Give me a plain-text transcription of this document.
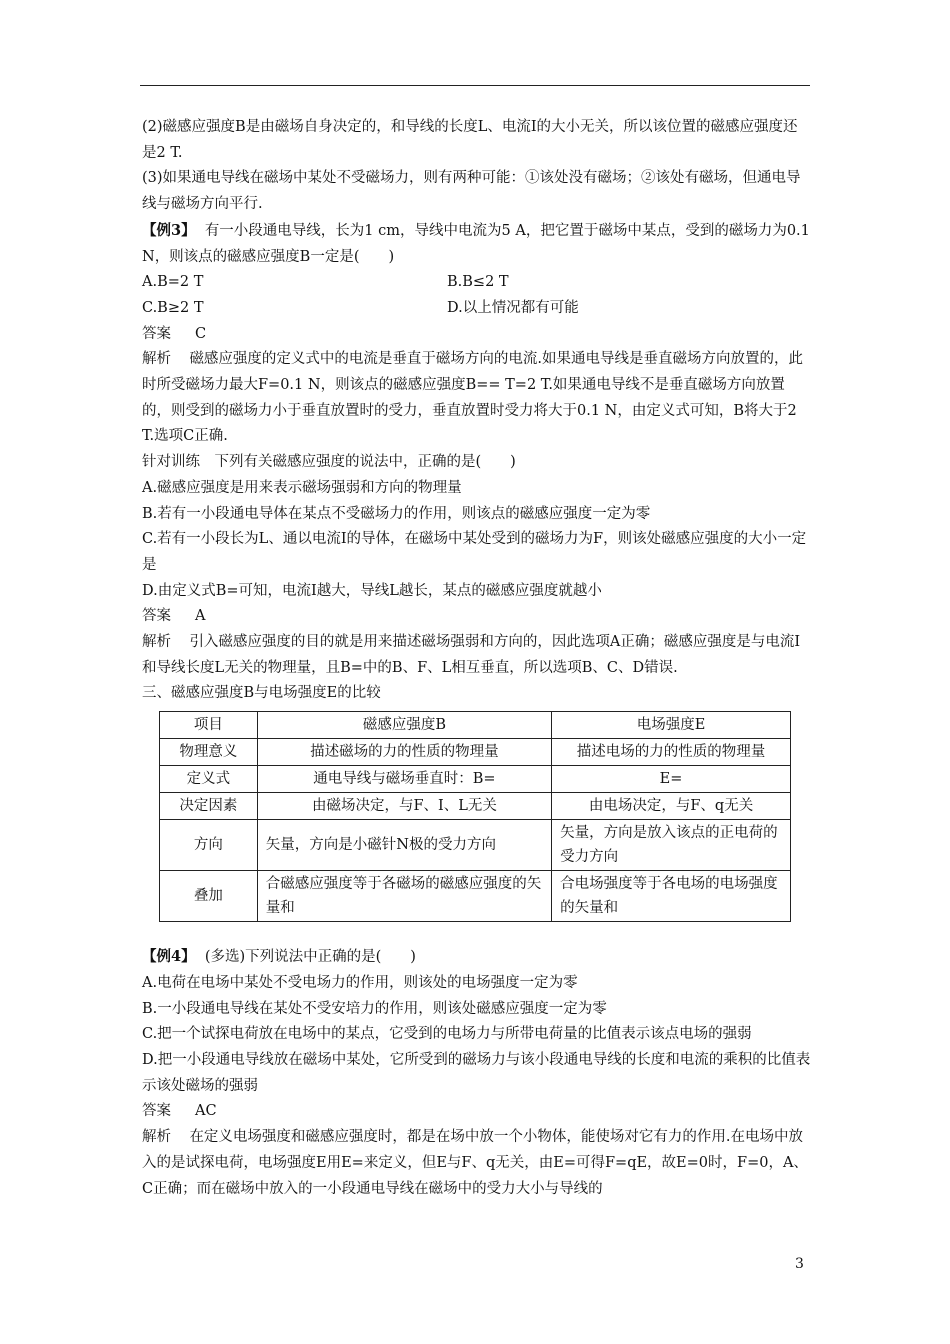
(2)磁感应强度B是由磁场自身决定的，和导线的长度L、电流I的大小无关，所以该位置的磁感应强度还是2 T.

(3)如果通电导线在磁场中某处不受磁场力，则有两种可能：①该处没有磁场；②该处有磁场，但通电导线与磁场方向平行.

【例3】 有一小段通电导线，长为1 cm，导线中电流为5 A，把它置于磁场中某点，受到的磁场力为0.1 N，则该点的磁感应强度B一定是(　　)

A.B=2 T	B.B≤2 T
C.B≥2 T	D.以上情况都有可能

答案 C

解析 磁感应强度的定义式中的电流是垂直于磁场方向的电流.如果通电导线是垂直磁场方向放置的，此时所受磁场力最大F=0.1 N，则该点的磁感应强度B== T=2 T.如果通电导线不是垂直磁场方向放置的，则受到的磁场力小于垂直放置时的受力，垂直放置时受力将大于0.1 N，由定义式可知，B将大于2 T.选项C正确.

针对训练　下列有关磁感应强度的说法中，正确的是(　　)

A.磁感应强度是用来表示磁场强弱和方向的物理量

B.若有一小段通电导体在某点不受磁场力的作用，则该点的磁感应强度一定为零

C.若有一小段长为L、通以电流I的导体，在磁场中某处受到的磁场力为F，则该处磁感应强度的大小一定是

D.由定义式B=可知，电流I越大，导线L越长，某点的磁感应强度就越小

答案 A

解析 引入磁感应强度的目的就是用来描述磁场强弱和方向的，因此选项A正确；磁感应强度是与电流I和导线长度L无关的物理量，且B=中的B、F、L相互垂直，所以选项B、C、D错误.

三、磁感应强度B与电场强度E的比较

项目	磁感应强度B	电场强度E
物理意义	描述磁场的力的性质的物理量	描述电场的力的性质的物理量
定义式	通电导线与磁场垂直时：B=	E=
决定因素	由磁场决定，与F、I、L无关	由电场决定，与F、q无关
方向	矢量，方向是小磁针N极的受力方向	矢量，方向是放入该点的正电荷的受力方向
叠加	合磁感应强度等于各磁场的磁感应强度的矢量和	合电场强度等于各电场的电场强度的矢量和

【例4】 (多选)下列说法中正确的是(　　)

A.电荷在电场中某处不受电场力的作用，则该处的电场强度一定为零

B.一小段通电导线在某处不受安培力的作用，则该处磁感应强度一定为零

C.把一个试探电荷放在电场中的某点，它受到的电场力与所带电荷量的比值表示该点电场的强弱

D.把一小段通电导线放在磁场中某处，它所受到的磁场力与该小段通电导线的长度和电流的乘积的比值表示该处磁场的强弱

答案 AC

解析 在定义电场强度和磁感应强度时，都是在场中放一个小物体，能使场对它有力的作用.在电场中放入的是试探电荷，电场强度E用E=来定义，但E与F、q无关，由E=可得F=qE，故E=0时，F=0，A、C正确；而在磁场中放入的一小段通电导线在磁场中的受力大小与导线的

3
